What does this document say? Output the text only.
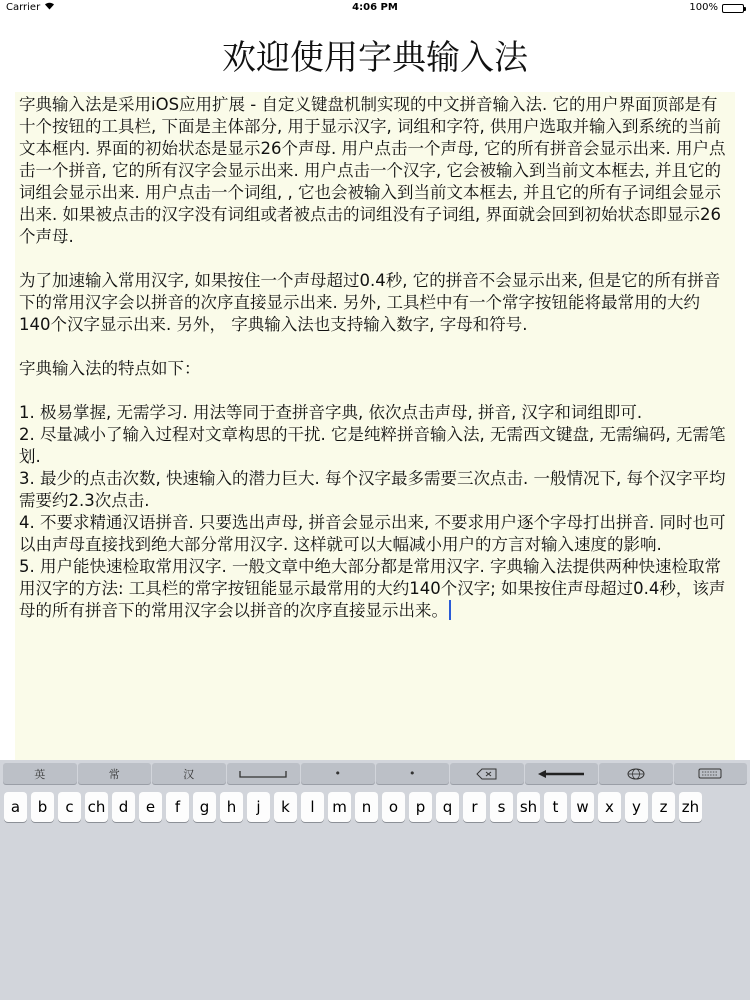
Carrier	4:06 PM	100%
欢迎使用字典输入法

字典输入法是采用iOS应用扩展 - 自定义键盘机制实现的中文拼音输入法. 它的用户界面顶部是有十个按钮的工具栏, 下面是主体部分, 用于显示汉字, 词组和字符, 供用户选取并输入到系统的当前文本框内. 界面的初始状态是显示26个声母. 用户点击一个声母, 它的所有拼音会显示出来. 用户点击一个拼音, 它的所有汉字会显示出来. 用户点击一个汉字, 它会被输入到当前文本框去, 并且它的词组会显示出来. 用户点击一个词组, , 它也会被输入到当前文本框去, 并且它的所有子词组会显示出来. 如果被点击的汉字没有词组或者被点击的词组没有子词组, 界面就会回到初始状态即显示26个声母.

为了加速输入常用汉字, 如果按住一个声母超过0.4秒, 它的拼音不会显示出来, 但是它的所有拼音下的常用汉字会以拼音的次序直接显示出来. 另外, 工具栏中有一个常字按钮能将最常用的大约140个汉字显示出来. 另外， 字典输入法也支持输入数字, 字母和符号.

字典输入法的特点如下：

1. 极易掌握, 无需学习. 用法等同于查拼音字典, 依次点击声母, 拼音, 汉字和词组即可.

2. 尽量减小了输入过程对文章构思的干扰. 它是纯粹拼音输入法, 无需西文键盘, 无需编码, 无需笔划.

3. 最少的点击次数, 快速输入的潜力巨大. 每个汉字最多需要三次点击. 一般情况下, 每个汉字平均需要约2.3次点击.

4. 不要求精通汉语拼音. 只要选出声母, 拼音会显示出来, 不要求用户逐个字母打出拼音. 同时也可以由声母直接找到绝大部分常用汉字. 这样就可以大幅减小用户的方言对输入速度的影响.

5. 用户能快速检取常用汉字. 一般文章中绝大部分都是常用汉字. 字典输入法提供两种快速检取常用汉字的方法: 工具栏的常字按钮能显示最常用的大约140个汉字; 如果按住声母超过0.4秒，该声母的所有拼音下的常用汉字会以拼音的次序直接显示出来。

英	常	汉	•	•
a	b	c ch d	e	f	g	h	j	k	l	m n	o	p	q	r	s sh	t	w	x	y	z zh
